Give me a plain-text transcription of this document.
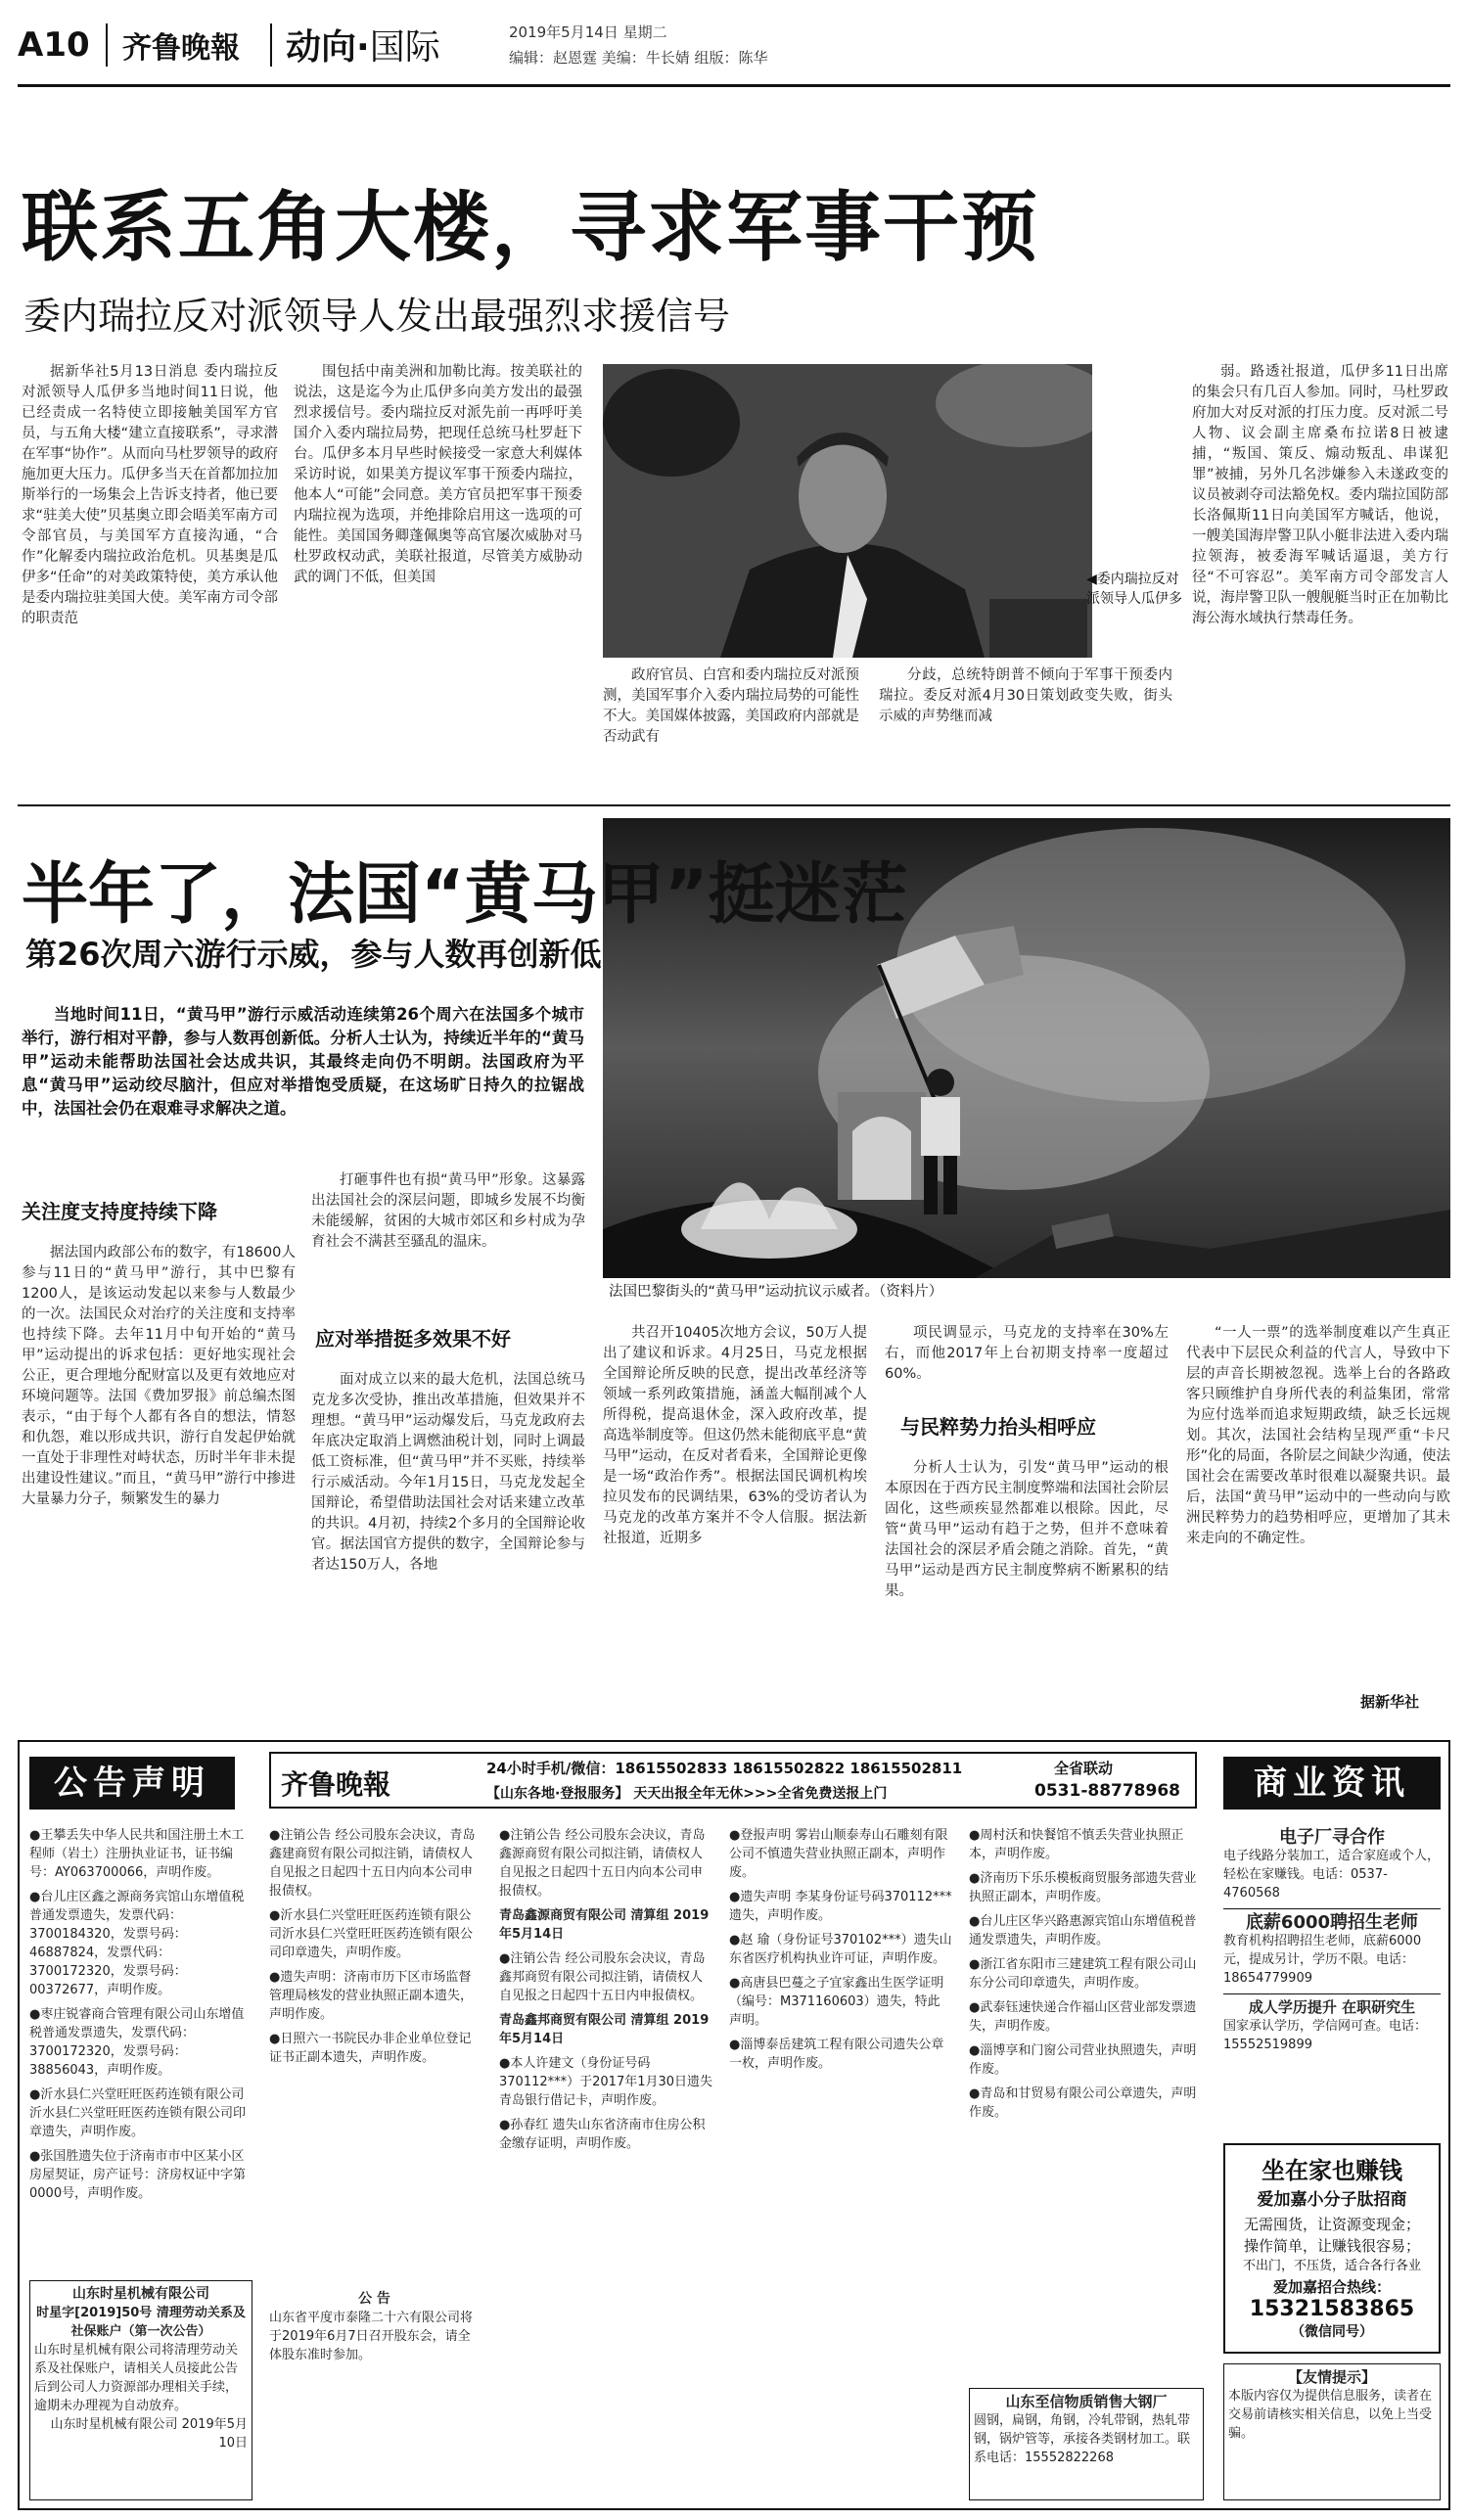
A10 齐鲁晚報 动向·国际	2019年5月14日 星期二
编辑：赵恩霆 美编：牛长婧 组版：陈华
联系五角大楼，寻求军事干预
委内瑞拉反对派领导人发出最强烈求援信号

据新华社5月13日消息 委内瑞拉反对派领导人瓜伊多当地时间11日说，他已经责成一名特使立即接触美国军方官员，与五角大楼“建立直接联系”，寻求潜在军事“协作”。从而向马杜罗领导的政府施加更大压力。瓜伊多当天在首都加拉加斯举行的一场集会上告诉支持者，他已要求“驻美大使”贝基奥立即会晤美军南方司令部官员，与美国军方直接沟通，“合作”化解委内瑞拉政治危机。贝基奥是瓜伊多“任命”的对美政策特使，美方承认他是委内瑞拉驻美国大使。美军南方司令部的职责范

围包括中南美洲和加勒比海。按美联社的说法，这是迄今为止瓜伊多向美方发出的最强烈求援信号。委内瑞拉反对派先前一再呼吁美国介入委内瑞拉局势，把现任总统马杜罗赶下台。瓜伊多本月早些时候接受一家意大利媒体采访时说，如果美方提议军事干预委内瑞拉，他本人“可能”会同意。美方官员把军事干预委内瑞拉视为选项，并绝排除启用这一选项的可能性。美国国务卿蓬佩奥等高官屡次威胁对马杜罗政权动武，美联社报道，尽管美方威胁动武的调门不低，但美国	◀委内瑞拉反对派领导人瓜伊多

政府官员、白宫和委内瑞拉反对派预测，美国军事介入委内瑞拉局势的可能性不大。美国媒体披露，美国政府内部就是否动武有

分歧，总统特朗普不倾向于军事干预委内瑞拉。委反对派4月30日策划政变失败，街头示威的声势继而减

弱。路透社报道，瓜伊多11日出席的集会只有几百人参加。同时，马杜罗政府加大对反对派的打压力度。反对派二号人物、议会副主席桑布拉诺8日被逮捕，“叛国、策反、煽动叛乱、串谋犯罪”被捕，另外几名涉嫌参入未遂政变的议员被剥夺司法豁免权。委内瑞拉国防部长洛佩斯11日向美国军方喊话，他说，一艘美国海岸警卫队小艇非法进入委内瑞拉领海，被委海军喊话逼退，美方行径“不可容忍”。美军南方司令部发言人说，海岸警卫队一艘舰艇当时正在加勒比海公海水域执行禁毒任务。

半年了，法国“黄马甲”挺迷茫
第26次周六游行示威，参与人数再创新低

当地时间11日，“黄马甲”游行示威活动连续第26个周六在法国多个城市举行，游行相对平静，参与人数再创新低。分析人士认为，持续近半年的“黄马甲”运动未能帮助法国社会达成共识，其最终走向仍不明朗。法国政府为平息“黄马甲”运动绞尽脑汁，但应对举措饱受质疑，在这场旷日持久的拉锯战中，法国社会仍在艰难寻求解决之道。

法国巴黎街头的“黄马甲”运动抗议示威者。（资料片）
关注度支持度持续下降

据法国内政部公布的数字，有18600人参与11日的“黄马甲”游行，其中巴黎有1200人，是该运动发起以来参与人数最少的一次。法国民众对治疗的关注度和支持率也持续下降。去年11月中旬开始的“黄马甲”运动提出的诉求包括：更好地实现社会公正，更合理地分配财富以及更有效地应对环境问题等。法国《费加罗报》前总编杰图表示，“由于每个人都有各自的想法，情怒和仇怨，难以形成共识，游行自发起伊始就一直处于非理性对峙状态，历时半年非未提出建设性建议。”而且，“黄马甲”游行中掺进大量暴力分子，频繁发生的暴力

打砸事件也有损“黄马甲”形象。这暴露出法国社会的深层问题，即城乡发展不均衡未能缓解，贫困的大城市郊区和乡村成为孕育社会不满甚至骚乱的温床。

应对举措挺多效果不好

面对成立以来的最大危机，法国总统马克龙多次受协，推出改革措施，但效果并不理想。“黄马甲”运动爆发后，马克龙政府去年底决定取消上调燃油税计划，同时上调最低工资标准，但“黄马甲”并不买账，持续举行示威活动。今年1月15日，马克龙发起全国辩论，希望借助法国社会对话来建立改革的共识。4月初，持续2个多月的全国辩论收官。据法国官方提供的数字，全国辩论参与者达150万人，各地

共召开10405次地方会议，50万人提出了建议和诉求。4月25日，马克龙根据全国辩论所反映的民意，提出改革经济等领域一系列政策措施，涵盖大幅削减个人所得税，提高退休金，深入政府改革，提高选举制度等。但这仍然未能彻底平息“黄马甲”运动，在反对者看来，全国辩论更像是一场“政治作秀”。根据法国民调机构埃拉贝发布的民调结果，63%的受访者认为马克龙的改革方案并不令人信服。据法新社报道，近期多

项民调显示，马克龙的支持率在30%左右，而他2017年上台初期支持率一度超过60%。

与民粹势力抬头相呼应

分析人士认为，引发“黄马甲”运动的根本原因在于西方民主制度弊端和法国社会阶层固化，这些顽疾显然都难以根除。因此，尽管“黄马甲”运动有趋于之势，但并不意味着法国社会的深层矛盾会随之消除。首先，“黄马甲”运动是西方民主制度弊病不断累积的结果。

“一人一票”的选举制度难以产生真正代表中下层民众利益的代言人，导致中下层的声音长期被忽视。选举上台的各路政客只顾维护自身所代表的利益集团，常常为应付选举而追求短期政绩，缺乏长远规划。其次，法国社会结构呈现严重“卡尺形”化的局面，各阶层之间缺少沟通，使法国社会在需要改革时很难以凝聚共识。最后，法国“黄马甲”运动中的一些动向与欧洲民粹势力的趋势相呼应，更增加了其未来走向的不确定性。

据新华社
公告声明	齐鲁晚報	24小时手机/微信：18615502833 18615502822 18615502811
【山东各地·登报服务】 天天出报全年无休>>>全省免费送报上门
全省联动
0531-88778968	商业资讯
●王攀丢失中华人民共和国注册土木工程师（岩土）注册执业证书，证书编号：AY063700066，声明作废。
●台儿庄区鑫之源商务宾馆山东增值税普通发票遗失，发票代码：3700184320，发票号码：46887824，发票代码：3700172320，发票号码：00372677，声明作废。
●枣庄锐睿商合管理有限公司山东增值税普通发票遗失，发票代码：3700172320，发票号码：38856043，声明作废。
●沂水县仁兴堂旺旺医药连锁有限公司沂水县仁兴堂旺旺医药连锁有限公司印章遗失，声明作废。
●张国胜遗失位于济南市市中区某小区房屋契证，房产证号：济房权证中字第0000号，声明作废。
山东时星机械有限公司
时星字[2019]50号 清理劳动关系及社保账户（第一次公告）
山东时星机械有限公司将清理劳动关系及社保账户，请相关人员接此公告后到公司人力资源部办理相关手续，逾期未办理视为自动放弃。
山东时星机械有限公司 2019年5月10日
●注销公告 经公司股东会决议，青岛鑫建商贸有限公司拟注销，请债权人自见报之日起四十五日内向本公司申报债权。
●沂水县仁兴堂旺旺医药连锁有限公司沂水县仁兴堂旺旺医药连锁有限公司印章遗失，声明作废。
●遗失声明：济南市历下区市场监督管理局核发的营业执照正副本遗失，声明作废。
●日照六一书院民办非企业单位登记证书正副本遗失，声明作废。
公 告
山东省平度市泰隆二十六有限公司将于2019年6月7日召开股东会，请全体股东准时参加。
●注销公告 经公司股东会决议，青岛鑫源商贸有限公司拟注销，请债权人自见报之日起四十五日内向本公司申报债权。
青岛鑫源商贸有限公司 清算组 2019年5月14日
●注销公告 经公司股东会决议，青岛鑫邦商贸有限公司拟注销，请债权人自见报之日起四十五日内申报债权。
青岛鑫邦商贸有限公司 清算组 2019年5月14日
●本人许建文（身份证号码370112***）于2017年1月30日遗失青岛银行借记卡，声明作废。
●孙春红 遗失山东省济南市住房公积金缴存证明，声明作废。
●登报声明 雾岩山顺泰寿山石雕刻有限公司不慎遗失营业执照正副本，声明作废。
●遗失声明 李某身份证号码370112***遗失，声明作废。
●赵 瑜（身份证号370102***）遗失山东省医疗机构执业许可证，声明作废。
●高唐县巴蔓之子宜家鑫出生医学证明（编号：M371160603）遗失，特此声明。
●淄博泰岳建筑工程有限公司遗失公章一枚，声明作废。
●周村沃和快餐馆不慎丢失营业执照正本，声明作废。
●济南历下乐乐模板商贸服务部遗失营业执照正副本，声明作废。
●台儿庄区华兴路惠源宾馆山东增值税普通发票遗失，声明作废。
●浙江省东阳市三建建筑工程有限公司山东分公司印章遗失，声明作废。
●武泰钰速快递合作福山区营业部发票遗失，声明作废。
●淄博享和门窗公司营业执照遗失，声明作废。
●青岛和甘贸易有限公司公章遗失，声明作废。
山东至信物质销售大钢厂
圆钢，扁钢，角钢，冷轧带钢，热轧带钢，锅炉管等，承接各类钢材加工。联系电话：15552822268
电子厂寻合作
电子线路分装加工，适合家庭或个人，轻松在家赚钱。电话：0537-4760568
底薪6000聘招生老师
教育机构招聘招生老师，底薪6000元，提成另计，学历不限。电话：18654779909
成人学历提升 在职研究生
国家承认学历，学信网可查。电话：15552519899
坐在家也赚钱
爱加嘉小分子肽招商
无需囤货，让资源变现金；
操作简单，让赚钱很容易；
不出门，不压货，适合各行各业
爱加嘉招合热线：
15321583865
（微信同号）
【友情提示】
本版内容仅为提供信息服务，读者在交易前请核实相关信息，以免上当受骗。
